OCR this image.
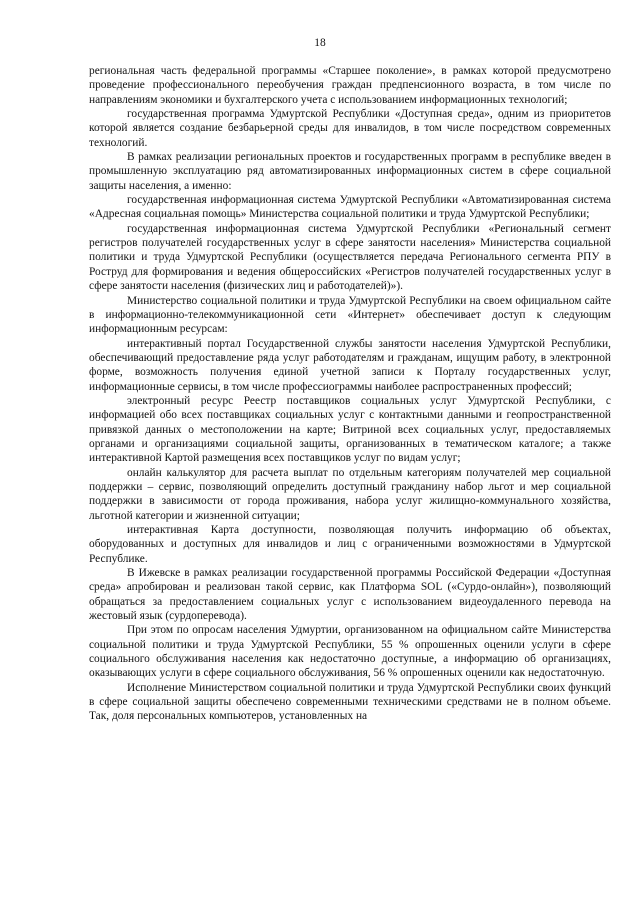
18

региональная часть федеральной программы «Старшее поколение», в рамках которой предусмотрено проведение профессионального переобучения граждан предпенсионного возраста, в том числе по направлениям экономики и бухгалтерского учета с использованием информационных технологий;

государственная программа Удмуртской Республики «Доступная среда», одним из приоритетов которой является создание безбарьерной среды для инвалидов, в том числе посредством современных технологий.

В рамках реализации региональных проектов и государственных программ в республике введен в промышленную эксплуатацию ряд автоматизированных информационных систем в сфере социальной защиты населения, а именно:

государственная информационная система Удмуртской Республики «Автоматизированная система «Адресная социальная помощь» Министерства социальной политики и труда Удмуртской Республики;

государственная информационная система Удмуртской Республики «Региональный сегмент регистров получателей государственных услуг в сфере занятости населения» Министерства социальной политики и труда Удмуртской Республики (осуществляется передача Регионального сегмента РПУ в Роструд для формирования и ведения общероссийских «Регистров получателей государственных услуг в сфере занятости населения (физических лиц и работодателей)»).

Министерство социальной политики и труда Удмуртской Республики на своем официальном сайте в информационно-телекоммуникационной сети «Интернет» обеспечивает доступ к следующим информационным ресурсам:

интерактивный портал Государственной службы занятости населения Удмуртской Республики, обеспечивающий предоставление ряда услуг работодателям и гражданам, ищущим работу, в электронной форме, возможность получения единой учетной записи к Порталу государственных услуг, информационные сервисы, в том числе профессиограммы наиболее распространенных профессий;

электронный ресурс Реестр поставщиков социальных услуг Удмуртской Республики, с информацией обо всех поставщиках социальных услуг с контактными данными и геопространственной привязкой данных о местоположении на карте; Витриной всех социальных услуг, предоставляемых органами и организациями социальной защиты, организованных в тематическом каталоге; а также интерактивной Картой размещения всех поставщиков услуг по видам услуг;

онлайн калькулятор для расчета выплат по отдельным категориям получателей мер социальной поддержки – сервис, позволяющий определить доступный гражданину набор льгот и мер социальной поддержки в зависимости от города проживания, набора услуг жилищно-коммунального хозяйства, льготной категории и жизненной ситуации;

интерактивная Карта доступности, позволяющая получить информацию об объектах, оборудованных и доступных для инвалидов и лиц с ограниченными возможностями в Удмуртской Республике.

В Ижевске в рамках реализации государственной программы Российской Федерации «Доступная среда» апробирован и реализован такой сервис, как Платформа SOL («Сурдо-онлайн»), позволяющий обращаться за предоставлением социальных услуг с использованием видеоудаленного перевода на жестовый язык (сурдоперевода).

При этом по опросам населения Удмуртии, организованном на официальном сайте Министерства социальной политики и труда Удмуртской Республики, 55 % опрошенных оценили услуги в сфере социального обслуживания населения как недостаточно доступные, а информацию об организациях, оказывающих услуги в сфере социального обслуживания, 56 % опрошенных оценили как недостаточную.

Исполнение Министерством социальной политики и труда Удмуртской Республики своих функций в сфере социальной защиты обеспечено современными техническими средствами не в полном объеме. Так, доля персональных компьютеров, установленных на
